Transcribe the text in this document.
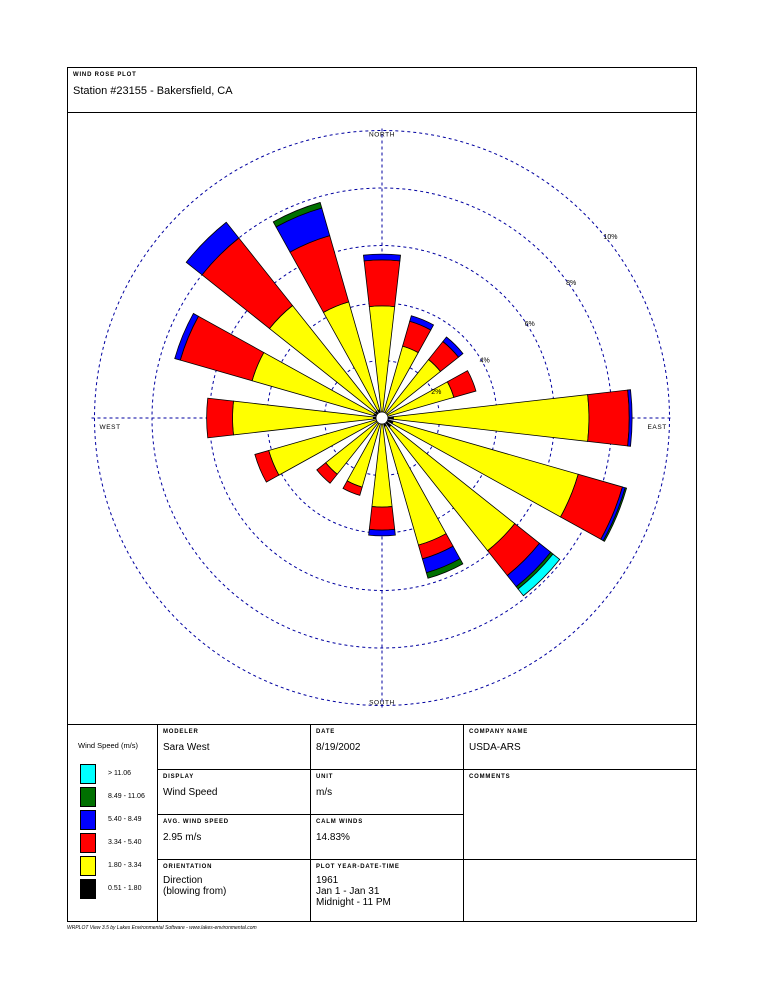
WIND ROSE PLOT
Station #23155 - Bakersfield, CA
2%
4%
6%
8%
10%
NORTH
SOUTH
EAST
WEST
Wind Speed (m/s)
> 11.06
8.49 - 11.06
5.40 - 8.49
3.34 - 5.40
1.80 - 3.34
0.51 - 1.80
MODELER
Sara West
DATE
8/19/2002
COMPANY NAME
USDA-ARS
DISPLAY
Wind Speed
UNIT
m/s
COMMENTS
AVG. WIND SPEED
2.95 m/s
CALM WINDS
14.83%
ORIENTATION
Direction
(blowing from)
PLOT YEAR-DATE-TIME
1961
Jan 1 - Jan 31
Midnight - 11 PM
WRPLOT View 3.5 by Lakes Environmental Software - www.lakes-environmental.com
